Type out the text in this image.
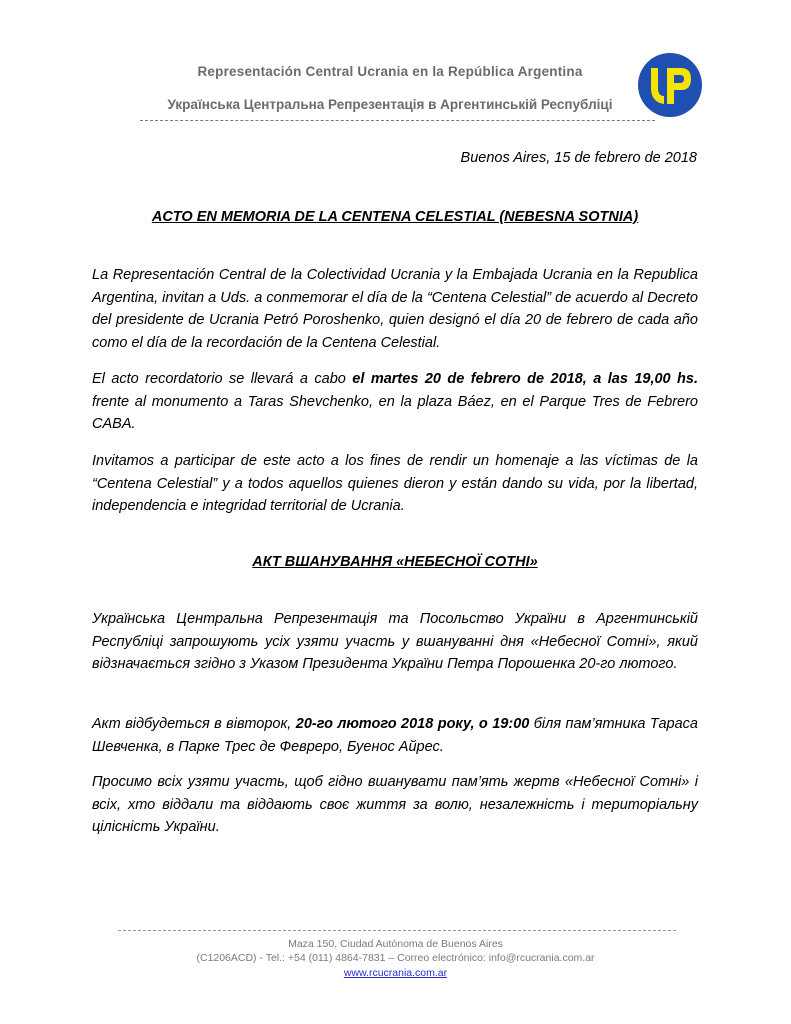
Representación Central Ucrania en la República Argentina
Українська Центральна Репрезентація в Аргентинській Республіці
Buenos Aires, 15 de febrero de 2018
ACTO EN MEMORIA DE LA CENTENA CELESTIAL (NEBESNA SOTNIA)

La Representación Central de la Colectividad Ucrania y la Embajada Ucrania en la Republica Argentina, invitan a Uds. a conmemorar el día de la “Centena Celestial” de acuerdo al Decreto del presidente de Ucrania Petró Poroshenko, quien designó el día 20 de febrero de cada año como el día de la recordación de la Centena Celestial.

El acto recordatorio se llevará a cabo el martes 20 de febrero de 2018, a las 19,00 hs. frente al monumento a Taras Shevchenko, en la plaza Báez, en el Parque Tres de Febrero CABA.

Invitamos a participar de este acto a los fines de rendir un homenaje a las víctimas de la “Centena Celestial” y a todos aquellos quienes dieron y están dando su vida, por la libertad, independencia e integridad territorial de Ucrania.

АКТ ВШАНУВАННЯ «НЕБЕСНОЇ СОТНІ»

Українська Центральна Репрезентація та Посольство України в Аргентинській Республіці запрошують усіх узяти участь у вшануванні дня «Небесної Сотні», який відзначається згідно з Указом Президента України Петра Порошенка 20-го лютого.

Акт відбудеться в вівторок, 20-го лютого 2018 року, о 19:00 біля пам’ятника Тараса Шевченка, в Парке Трес де Февреро, Буенос Айрес.

Просимо всіх узяти участь, щоб гідно вшанувати пам’ять жертв «Небесної Сотні» і всіх, хто віддали та віддають своє життя за волю, незалежність і територіальну цілісність України.

Maza 150, Ciudad Autónoma de Buenos Aires
(C1206ACD) - Tel.: +54 (011) 4864-7831 – Correo electrónico: info@rcucrania.com.ar
www.rcucrania.com.ar
